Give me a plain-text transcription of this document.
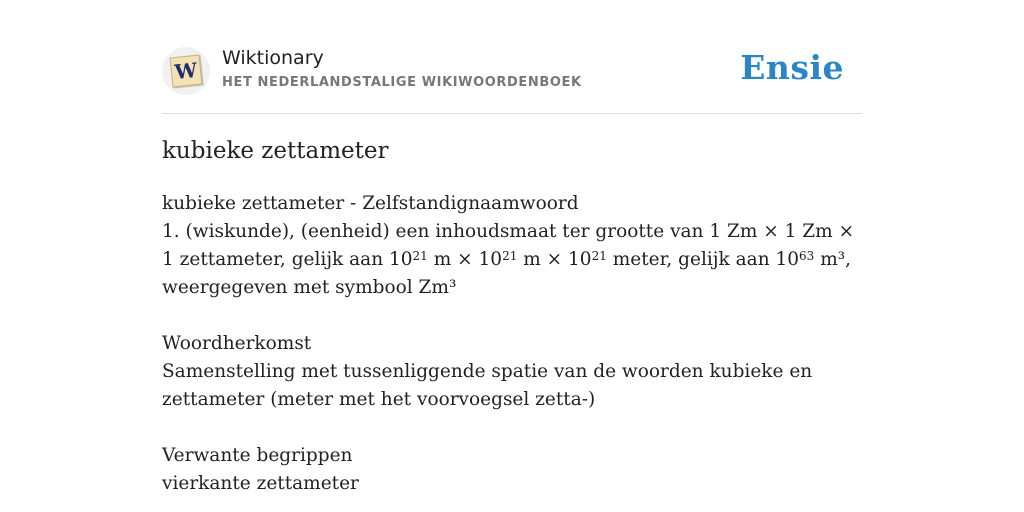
W Wiktionary
HET NEDERLANDSTALIGE WIKIWOORDENBOEK	Ensie
kubieke zettameter

kubieke zettameter - Zelfstandignaamwoord

1. (wiskunde), (eenheid) een inhoudsmaat ter grootte van 1 Zm × 1 Zm × 1 zettameter, gelijk aan $10^{21}$ $m \times 10^{21}$ $m \times 10^{21}$ meter, gelijk aan $10^{63}$ m³, weergegeven met symbool Zm³

Woordherkomst

Samenstelling met tussenliggende spatie van de woorden kubieke en zettameter (meter met het voorvoegsel zetta-)

Verwante begrippen

vierkante zettameter
